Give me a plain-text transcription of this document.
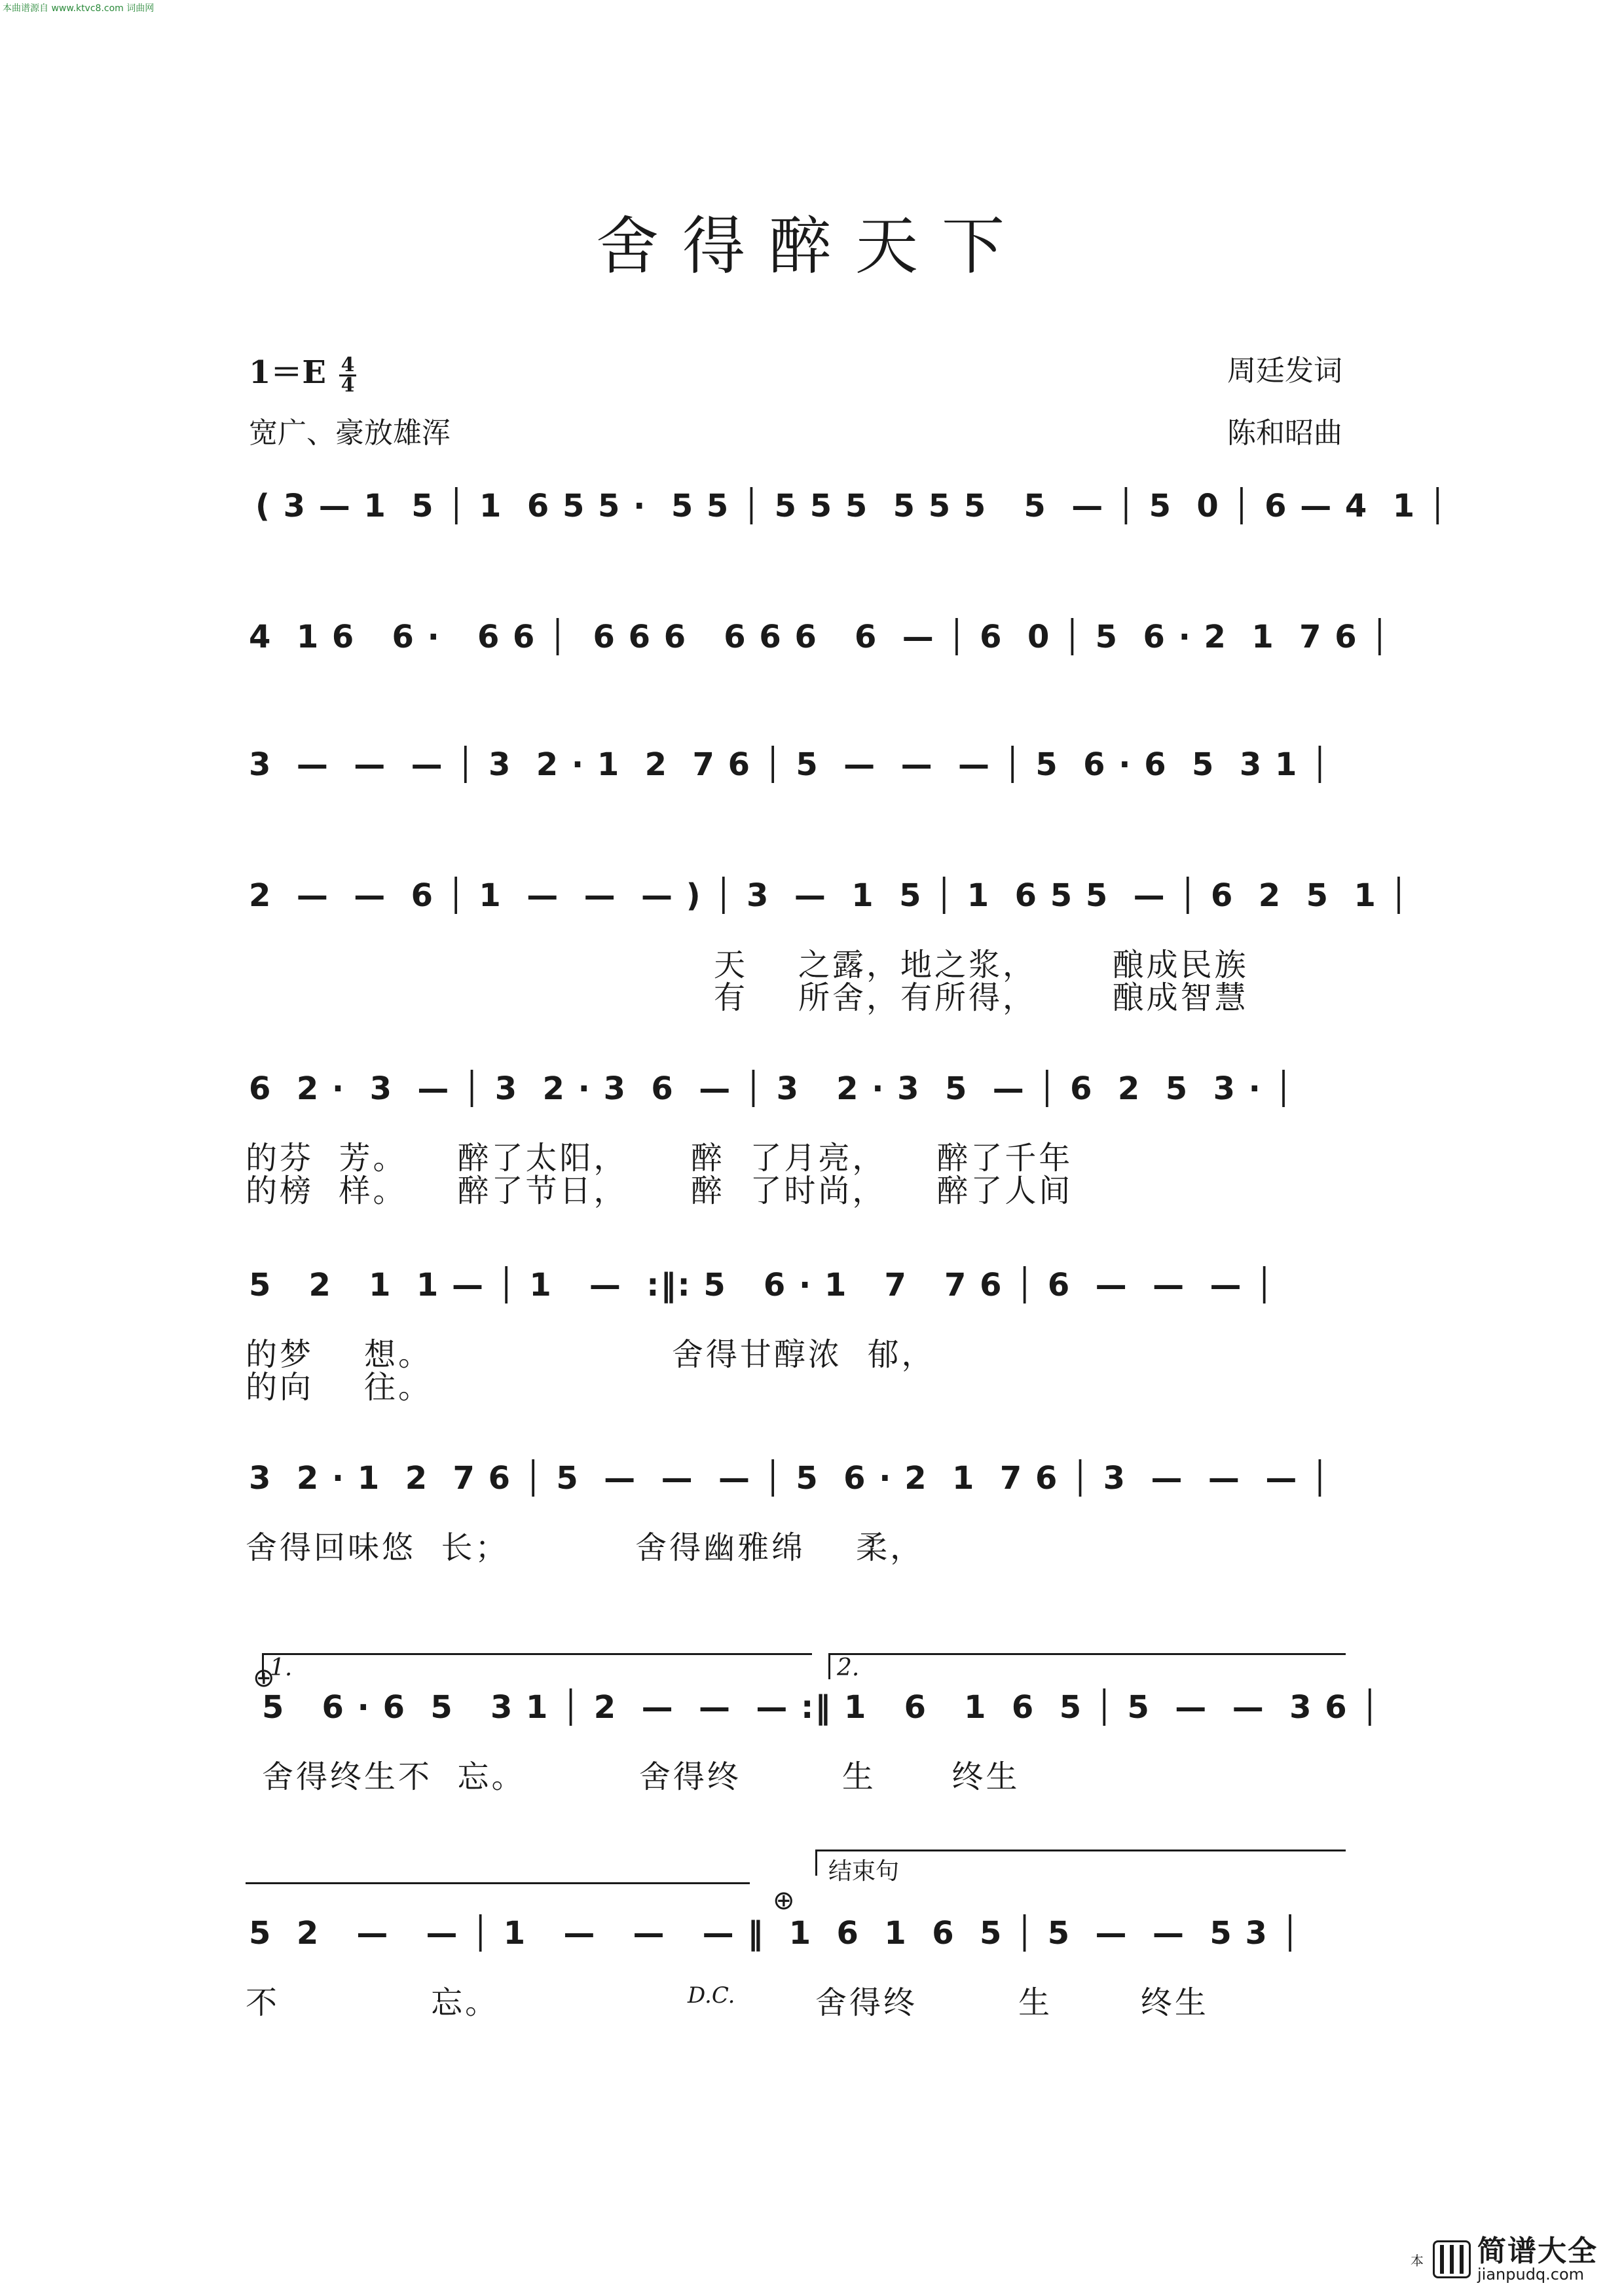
本曲谱源自 www.ktvc8.com 词曲网
舍得醉天下
$1=E \frac{4}{4}$	周廷发词
宽广、豪放雄浑	陈和昭曲
( 3 — 1  5 │ 1  6 5 5 ·  5 5 │ 5 5 5  5 5 5   5  — │ 5  0 │ 6 — 4  1 │
4  1 6   6 ·   6 6 │  6 6 6   6 6 6   6  — │ 6  0 │ 5  6 · 2  1  7 6 │
3  —  —  — │ 3  2 · 1  2  7 6 │ 5  —  —  — │ 5  6 · 6  5  3 1 │
2  —  —  6 │ 1  —  —  — ) │ 3  —  1  5 │ 1  6 5 5  — │ 6  2  5  1 │
天    之露，地之浆，      酿成民族
有    所舍，有所得，      酿成智慧
6  2 ·  3  — │ 3  2 · 3  6  — │ 3   2 · 3  5  — │ 6  2  5  3 · │
的芬  芳。    醉了太阳，     醉  了月亮，    醉了千年
的榜  样。    醉了节日，     醉  了时尚，    醉了人间
5   2   1  1 — │ 1   —  :‖: 5   6 · 1   7   7 6 │ 6  —  —  — │
的梦    想。                   舍得甘醇浓  郁，
的向    往。
3  2 · 1  2  7 6 │ 5  —  —  — │ 5  6 · 2  1  7 6 │ 3  —  —  — │
舍得回味悠  长；          舍得幽雅绵    柔，
1.	2.
⊕
5   6 · 6  5   3 1 │ 2  —  —  — :‖ 1   6   1  6  5 │ 5  —  —  3 6 │
舍得终生不  忘。         舍得终        生      终生
结束句
⊕
5  2   —   — │ 1   —   —   — ‖  1  6  1  6  5 │ 5  —  —  5 3 │
不            忘。	D.C.	舍得终        生       终生
本 简谱大全
jianpudq.com
